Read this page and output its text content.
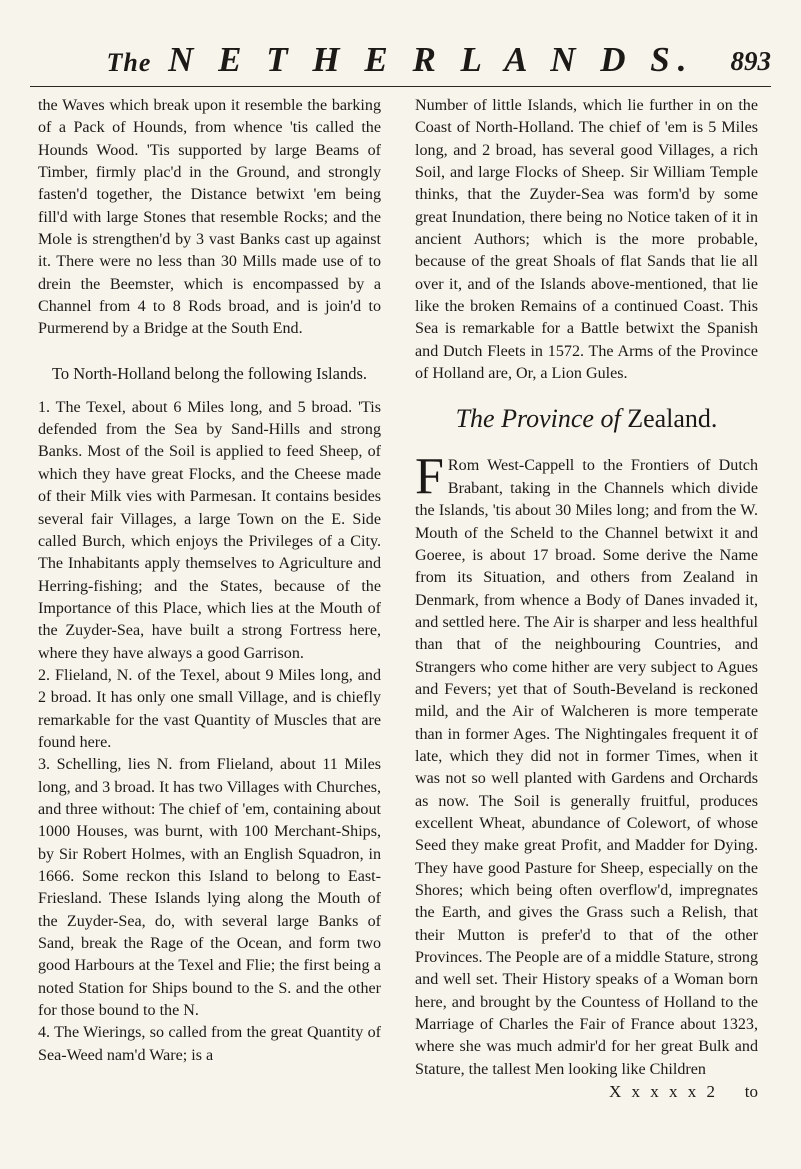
The N E T H E R L A N D S.	893

the Waves which break upon it resemble the barking of a Pack of Hounds, from whence 'tis called the Hounds Wood. 'Tis supported by large Beams of Timber, firmly plac'd in the Ground, and strongly fasten'd together, the Distance betwixt 'em being fill'd with large Stones that resemble Rocks; and the Mole is strengthen'd by 3 vast Banks cast up against it. There were no less than 30 Mills made use of to drein the Beemster, which is encompassed by a Channel from 4 to 8 Rods broad, and is join'd to Purmerend by a Bridge at the South End.

To North-Holland belong the following Islands.

1. The Texel, about 6 Miles long, and 5 broad. 'Tis defended from the Sea by Sand-Hills and strong Banks. Most of the Soil is applied to feed Sheep, of which they have great Flocks, and the Cheese made of their Milk vies with Parmesan. It contains besides several fair Villages, a large Town on the E. Side called Burch, which enjoys the Privileges of a City. The Inhabitants apply themselves to Agriculture and Herring-fishing; and the States, because of the Importance of this Place, which lies at the Mouth of the Zuyder-Sea, have built a strong Fortress here, where they have always a good Garrison.

2. Flieland, N. of the Texel, about 9 Miles long, and 2 broad. It has only one small Village, and is chiefly remarkable for the vast Quantity of Muscles that are found here.

3. Schelling, lies N. from Flieland, about 11 Miles long, and 3 broad. It has two Villages with Churches, and three without: The chief of 'em, containing about 1000 Houses, was burnt, with 100 Merchant-Ships, by Sir Robert Holmes, with an English Squadron, in 1666. Some reckon this Island to belong to East-Friesland. These Islands lying along the Mouth of the Zuyder-Sea, do, with several large Banks of Sand, break the Rage of the Ocean, and form two good Harbours at the Texel and Flie; the first being a noted Station for Ships bound to the S. and the other for those bound to the N.

4. The Wierings, so called from the great Quantity of Sea-Weed nam'd Ware; is a

Number of little Islands, which lie further in on the Coast of North-Holland. The chief of 'em is 5 Miles long, and 2 broad, has several good Villages, a rich Soil, and large Flocks of Sheep. Sir William Temple thinks, that the Zuyder-Sea was form'd by some great Inundation, there being no Notice taken of it in ancient Authors; which is the more probable, because of the great Shoals of flat Sands that lie all over it, and of the Islands above-mentioned, that lie like the broken Remains of a continued Coast. This Sea is remarkable for a Battle betwixt the Spanish and Dutch Fleets in 1572. The Arms of the Province of Holland are, Or, a Lion Gules.

The Province of Zealand.

F Rom West-Cappell to the Frontiers of Dutch Brabant, taking in the Channels which divide the Islands, 'tis about 30 Miles long; and from the W. Mouth of the Scheld to the Channel betwixt it and Goeree, is about 17 broad. Some derive the Name from its Situation, and others from Zealand in Denmark, from whence a Body of Danes invaded it, and settled here. The Air is sharper and less healthful than that of the neighbouring Countries, and Strangers who come hither are very subject to Agues and Fevers; yet that of South-Beveland is reckoned mild, and the Air of Walcheren is more temperate than in former Ages. The Nightingales frequent it of late, which they did not in former Times, when it was not so well planted with Gardens and Orchards as now. The Soil is generally fruitful, produces excellent Wheat, abundance of Colewort, of whose Seed they make great Profit, and Madder for Dying. They have good Pasture for Sheep, especially on the Shores; which being often overflow'd, impregnates the Earth, and gives the Grass such a Relish, that their Mutton is prefer'd to that of the other Provinces. The People are of a middle Stature, strong and well set. Their History speaks of a Woman born here, and brought by the Countess of Holland to the Marriage of Charles the Fair of France about 1323, where she was much admir'd for her great Bulk and Stature, the tallest Men looking like Children

X x x x x 2 to
